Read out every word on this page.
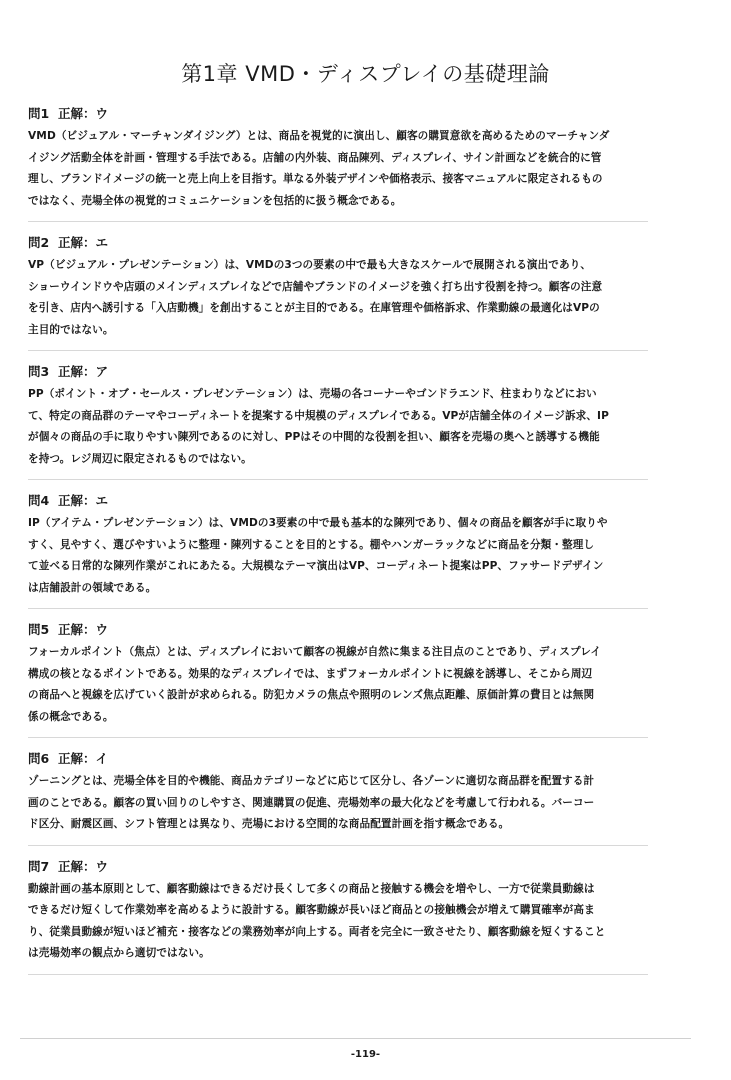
第1章 VMD・ディスプレイの基礎理論
問1 正解：ウ
VMD（ビジュアル・マーチャンダイジング）とは、商品を視覚的に演出し、顧客の購買意欲を高めるためのマーチャンダ
イジング活動全体を計画・管理する手法である。店舗の内外装、商品陳列、ディスプレイ、サイン計画などを統合的に管
理し、ブランドイメージの統一と売上向上を目指す。単なる外装デザインや価格表示、接客マニュアルに限定されるもの
ではなく、売場全体の視覚的コミュニケーションを包括的に扱う概念である。
問2 正解：エ
VP（ビジュアル・プレゼンテーション）は、VMDの3つの要素の中で最も大きなスケールで展開される演出であり、
ショーウインドウや店頭のメインディスプレイなどで店舗やブランドのイメージを強く打ち出す役割を持つ。顧客の注意
を引き、店内へ誘引する「入店動機」を創出することが主目的である。在庫管理や価格訴求、作業動線の最適化はVPの
主目的ではない。
問3 正解：ア
PP（ポイント・オブ・セールス・プレゼンテーション）は、売場の各コーナーやゴンドラエンド、柱まわりなどにおい
て、特定の商品群のテーマやコーディネートを提案する中規模のディスプレイである。VPが店舗全体のイメージ訴求、IP
が個々の商品の手に取りやすい陳列であるのに対し、PPはその中間的な役割を担い、顧客を売場の奥へと誘導する機能
を持つ。レジ周辺に限定されるものではない。
問4 正解：エ
IP（アイテム・プレゼンテーション）は、VMDの3要素の中で最も基本的な陳列であり、個々の商品を顧客が手に取りや
すく、見やすく、選びやすいように整理・陳列することを目的とする。棚やハンガーラックなどに商品を分類・整理し
て並べる日常的な陳列作業がこれにあたる。大規模なテーマ演出はVP、コーディネート提案はPP、ファサードデザイン
は店舗設計の領域である。
問5 正解：ウ
フォーカルポイント（焦点）とは、ディスプレイにおいて顧客の視線が自然に集まる注目点のことであり、ディスプレイ
構成の核となるポイントである。効果的なディスプレイでは、まずフォーカルポイントに視線を誘導し、そこから周辺
の商品へと視線を広げていく設計が求められる。防犯カメラの焦点や照明のレンズ焦点距離、原価計算の費目とは無関
係の概念である。
問6 正解：イ
ゾーニングとは、売場全体を目的や機能、商品カテゴリーなどに応じて区分し、各ゾーンに適切な商品群を配置する計
画のことである。顧客の買い回りのしやすさ、関連購買の促進、売場効率の最大化などを考慮して行われる。バーコー
ド区分、耐震区画、シフト管理とは異なり、売場における空間的な商品配置計画を指す概念である。
問7 正解：ウ
動線計画の基本原則として、顧客動線はできるだけ長くして多くの商品と接触する機会を増やし、一方で従業員動線は
できるだけ短くして作業効率を高めるように設計する。顧客動線が長いほど商品との接触機会が増えて購買確率が高ま
り、従業員動線が短いほど補充・接客などの業務効率が向上する。両者を完全に一致させたり、顧客動線を短くすること
は売場効率の観点から適切ではない。
-119-
